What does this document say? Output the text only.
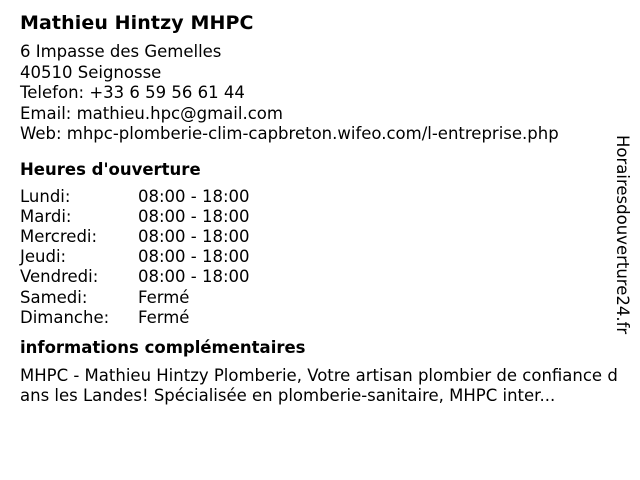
Mathieu Hintzy MHPC
6 Impasse des Gemelles
40510 Seignosse
Telefon: +33 6 59 56 61 44
Email: mathieu.hpc@gmail.com
Web: mhpc-plomberie-clim-capbreton.wifeo.com/l-entreprise.php
Heures d'ouverture
Lundi:	08:00 - 18:00
Mardi:	08:00 - 18:00
Mercredi:	08:00 - 18:00
Jeudi:	08:00 - 18:00
Vendredi:	08:00 - 18:00
Samedi:	Fermé
Dimanche:	Fermé
informations complémentaires
MHPC - Mathieu Hintzy Plomberie, Votre artisan plombier de confiance dans les Landes! Spécialisée en plomberie-sanitaire, MHPC inter...
Horairesdouverture24.fr
